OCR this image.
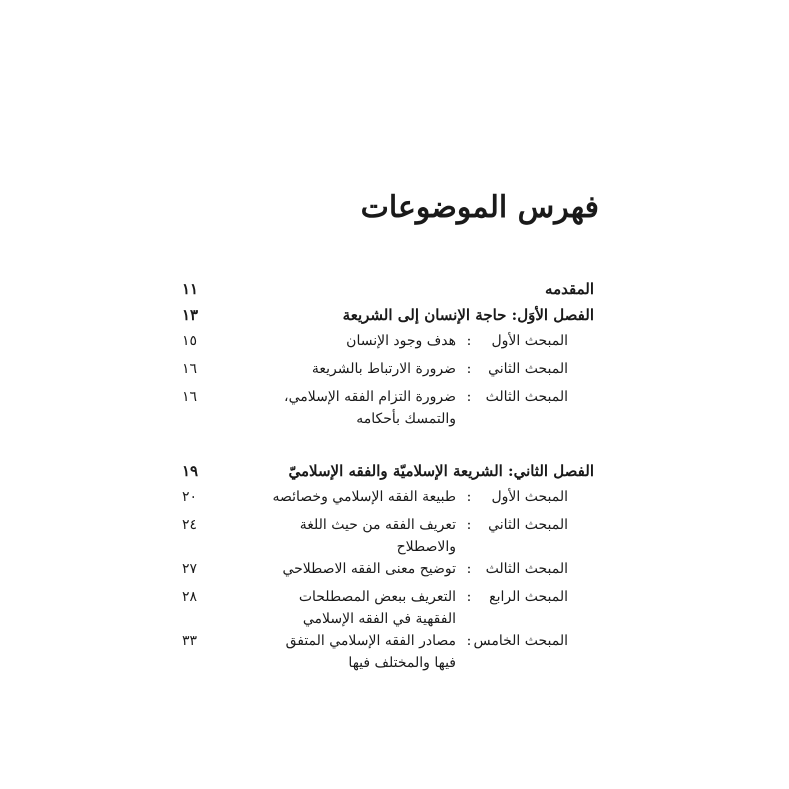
فهرس الموضوعات
المقدمه
١١
الفصل الأوَل: حاجة الإنسان إلى الشريعة
١٣
المبحث الأول
:
هدف وجود الإنسان
١٥
المبحث الثاني
:
ضرورة الارتباط بالشريعة
١٦
المبحث الثالث
:
ضرورة التزام الفقه الإسلامي، والتمسك بأحكامه
١٦
الفصل الثاني: الشريعة الإسلاميّة والفقه الإسلاميّ
١٩
المبحث الأول
:
طبيعة الفقه الإسلامي وخصائصه
٢٠
المبحث الثاني
:
تعريف الفقه من حيث اللغة والاصطلاح
٢٤
المبحث الثالث
:
توضيح معنى الفقه الاصطلاحي
٢٧
المبحث الرابع
:
التعريف ببعض المصطلحات الفقهية في الفقه الإسلامي
٢٨
المبحث الخامس
:
مصادر الفقه الإسلامي المتفق فيها والمختلف فيها
٣٣
